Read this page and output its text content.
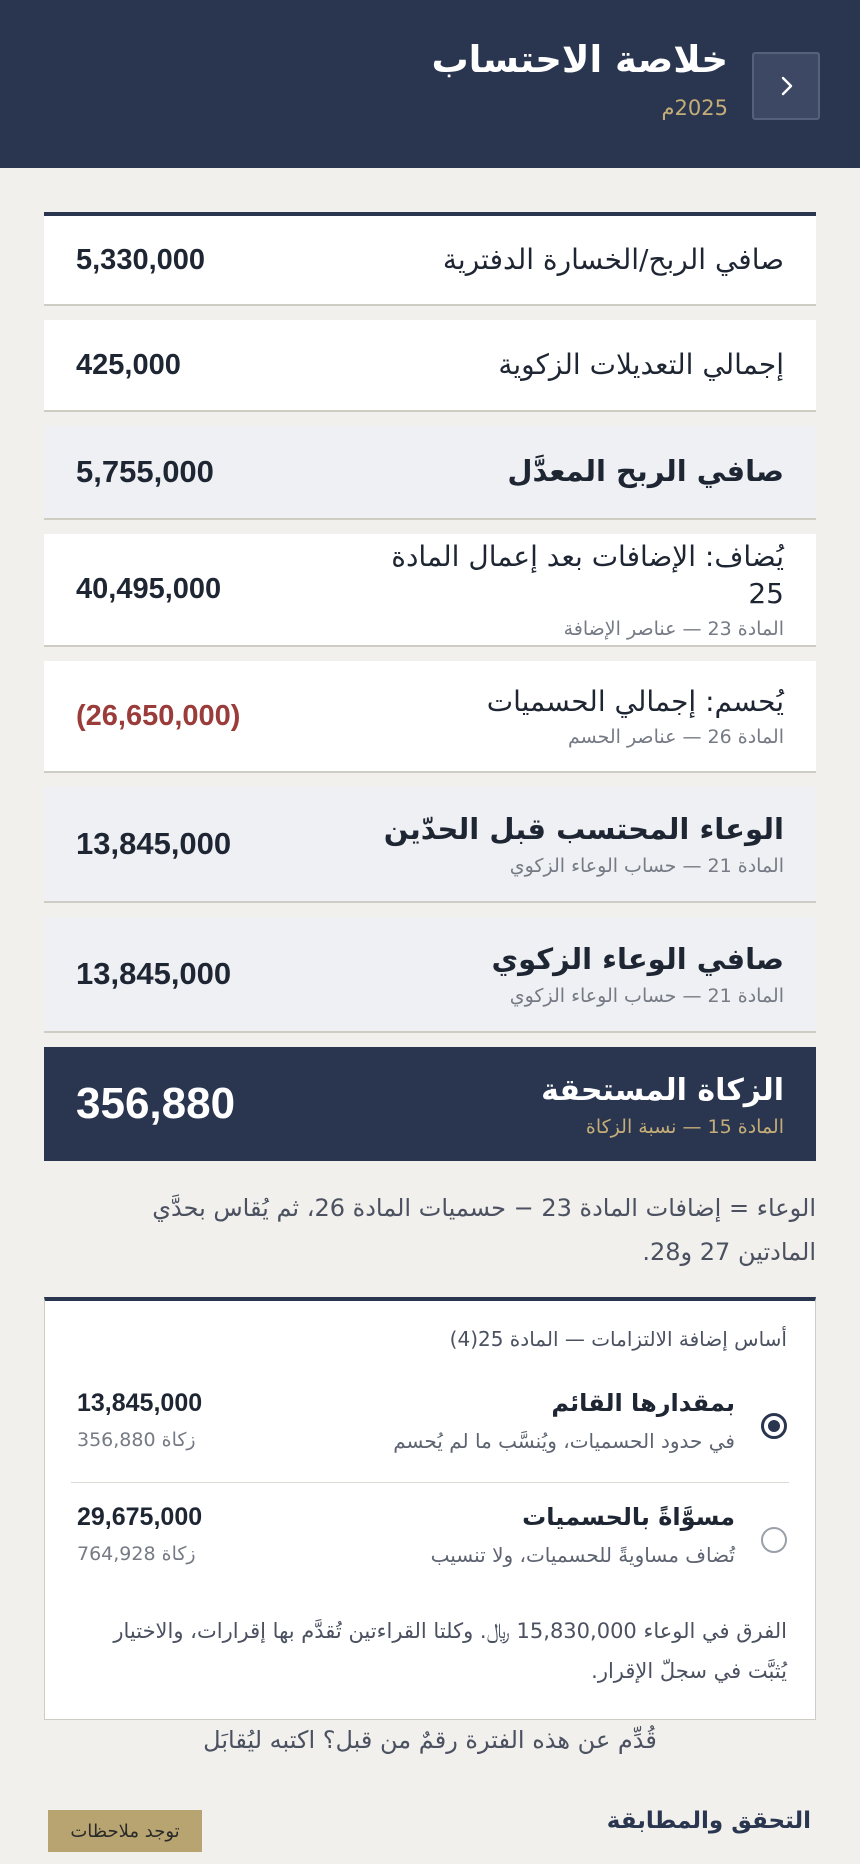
خلاصة الاحتساب
2025م
صافي الربح/الخسارة الدفترية
5,330,000
إجمالي التعديلات الزكوية
425,000
صافي الربح المعدَّل
5,755,000
يُضاف: الإضافات بعد إعمال المادة 25
المادة 23 — عناصر الإضافة
40,495,000
يُحسم: إجمالي الحسميات
المادة 26 — عناصر الحسم
(26,650,000)
الوعاء المحتسب قبل الحدّين
المادة 21 — حساب الوعاء الزكوي
13,845,000
صافي الوعاء الزكوي
المادة 21 — حساب الوعاء الزكوي
13,845,000
الزكاة المستحقة
المادة 15 — نسبة الزكاة
356,880
الوعاء = إضافات المادة 23 − حسميات المادة 26، ثم يُقاس بحدَّي المادتين 27 و28.
أساس إضافة الالتزامات — المادة 25(4)
بمقدارها القائم
في حدود الحسميات، ويُنسَّب ما لم يُحسم
13,845,000
زكاة 356,880
مسوَّاةً بالحسميات
تُضاف مساويةً للحسميات، ولا تنسيب
29,675,000
زكاة 764,928
الفرق في الوعاء 15,830,000 ﷼. وكلتا القراءتين تُقدَّم بها إقرارات، والاختيار يُثبَّت في سجلّ الإقرار.
قُدِّم عن هذه الفترة رقمٌ من قبل؟ اكتبه ليُقابَل
التحقق والمطابقة
توجد ملاحظات
